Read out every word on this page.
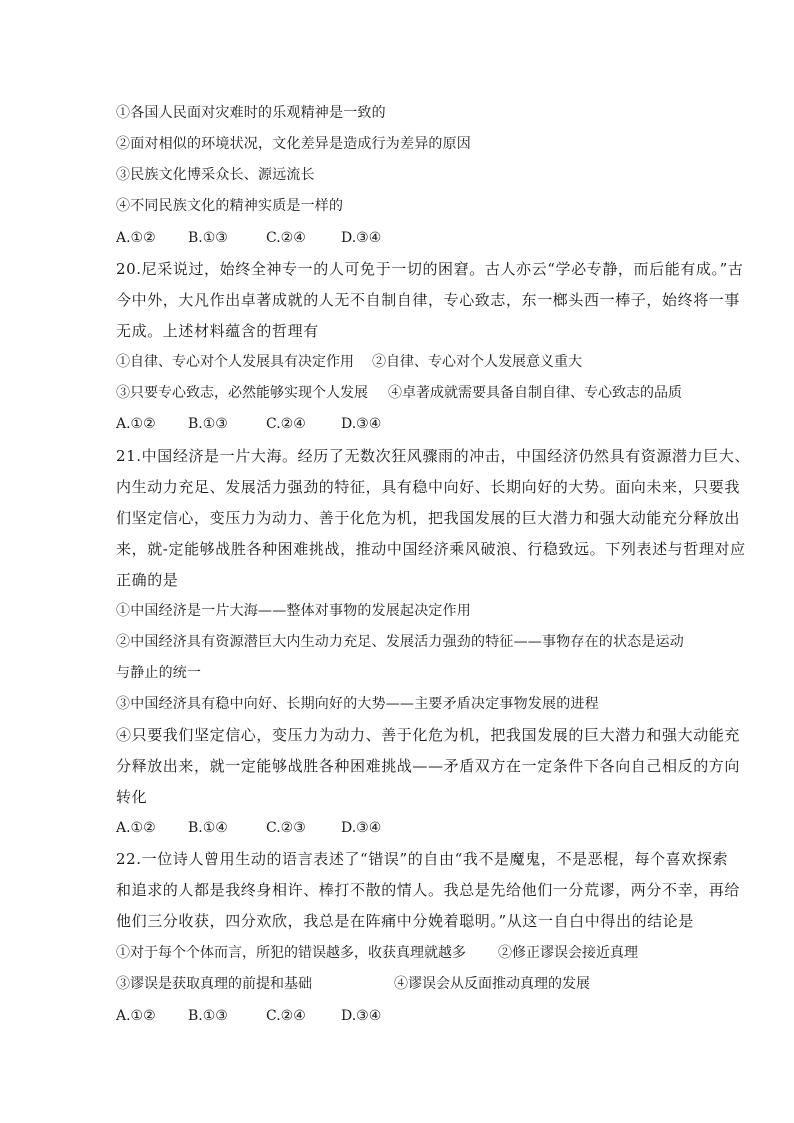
①各国人民面对灾难时的乐观精神是一致的
②面对相似的环境状况，文化差异是造成行为差异的原因
③民族文化博采众长、源远流长
④不同民族文化的精神实质是一样的
A.①② B.①③	C.②④	D.③④
20.尼采说过，始终全神专一的人可免于一切的困窘。古人亦云“学必专静，而后能有成。”古
今中外，大凡作出卓著成就的人无不自制自律，专心致志，东一榔头西一棒子，始终将一事
无成。上述材料蕴含的哲理有
①自律、专心对个人发展具有决定作用 ②自律、专心对个人发展意义重大
③只要专心致志，必然能够实现个人发展 ④卓著成就需要具备自制自律、专心致志的品质
A.①② B.①③	C.②④	D.③④
21.中国经济是一片大海。经历了无数次狂风骤雨的冲击，中国经济仍然具有资源潜力巨大、
内生动力充足、发展活力强劲的特征，具有稳中向好、长期向好的大势。面向未来，只要我
们坚定信心，变压力为动力、善于化危为机，把我国发展的巨大潜力和强大动能充分释放出
来，就-定能够战胜各种困难挑战，推动中国经济乘风破浪、行稳致远。下列表述与哲理对应
正确的是
①中国经济是一片大海——整体对事物的发展起决定作用
②中国经济具有资源潜巨大内生动力充足、发展活力强劲的特征——事物存在的状态是运动
与静止的统一
③中国经济具有稳中向好、长期向好的大势——主要矛盾决定事物发展的进程
④只要我们坚定信心，变压力为动力、善于化危为机，把我国发展的巨大潜力和强大动能充
分释放出来，就一定能够战胜各种困难挑战——矛盾双方在一定条件下各向自己相反的方向
转化
A.①② B.①④	C.②③	D.③④
22.一位诗人曾用生动的语言表述了“错误”的自由“我不是魔鬼，不是恶棍，每个喜欢探索
和追求的人都是我终身相许、棒打不散的情人。我总是先给他们一分荒谬，两分不幸，再给
他们三分收获，四分欢欣，我总是在阵痛中分娩着聪明。”从这一自白中得出的结论是
①对于每个个体而言，所犯的错误越多，收获真理就越多 ②修正谬误会接近真理
③谬误是获取真理的前提和基础	④谬误会从反面推动真理的发展
A.①② B.①③	C.②④	D.③④
